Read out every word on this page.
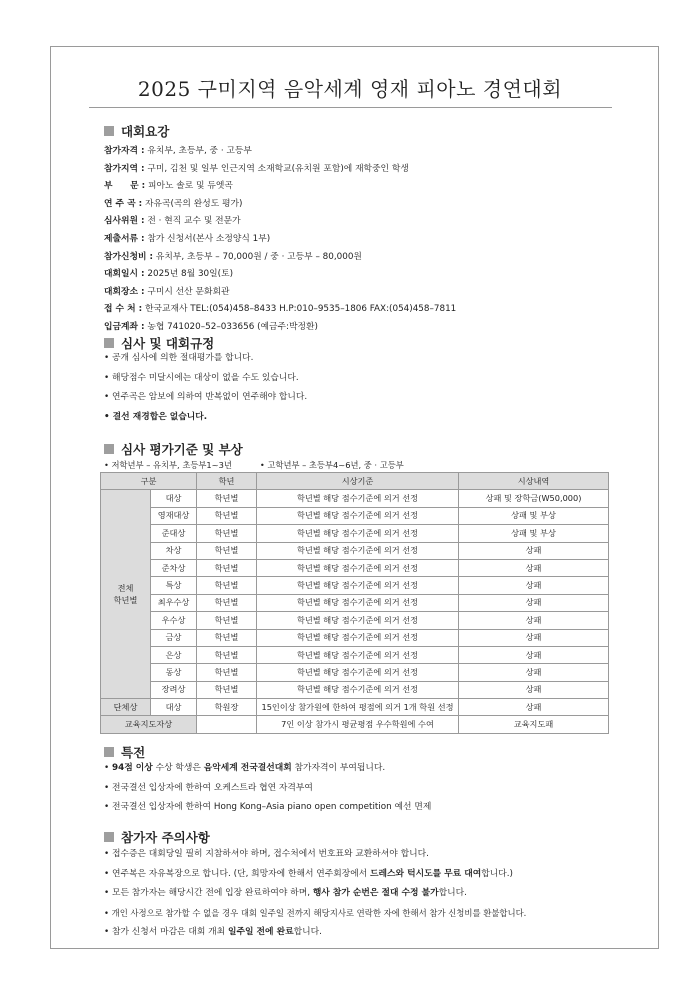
2025 구미지역 음악세계 영재 피아노 경연대회
대회요강
참가자격 : 유치부, 초등부, 중 · 고등부
참가지역 : 구미, 김천 및 일부 인근지역 소재학교(유치원 포함)에 재학중인 학생
부　　문 : 피아노 솔로 및 듀엣곡
연 주 곡 : 자유곡(곡의 완성도 평가)
심사위원 : 전 · 현직 교수 및 전문가
제출서류 : 참가 신청서(본사 소정양식 1부)
참가신청비 : 유치부, 초등부 – 70,000원 / 중 · 고등부 – 80,000원
대회일시 : 2025년 8월 30일(토)
대회장소 : 구미시 선산 문화회관
접 수 처 : 한국교재사 TEL:(054)458–8433 H.P:010–9535–1806 FAX:(054)458–7811
입금계좌 : 농협 741020–52–033656 (예금주:박정환)
심사 및 대회규정
• 공개 심사에 의한 절대평가를 합니다.
• 해당점수 미달시에는 대상이 없을 수도 있습니다.
• 연주곡은 암보에 의하여 반복없이 연주해야 합니다.
• 결선 재경합은 없습니다.
심사 평가기준 및 부상
• 저학년부 – 유치부, 초등부1~3년	• 고학년부 – 초등부4~6년, 중 · 고등부
구분		학년	시상기준	시상내역
전체
학년별	대상	학년별	학년별 해당 점수기준에 의거 선정	상패 및 장학금(W50,000)
	영재대상	학년별	학년별 해당 점수기준에 의거 선정	상패 및 부상
	준대상	학년별	학년별 해당 점수기준에 의거 선정	상패 및 부상
	차상	학년별	학년별 해당 점수기준에 의거 선정	상패
	준차상	학년별	학년별 해당 점수기준에 의거 선정	상패
	특상	학년별	학년별 해당 점수기준에 의거 선정	상패
	최우수상	학년별	학년별 해당 점수기준에 의거 선정	상패
	우수상	학년별	학년별 해당 점수기준에 의거 선정	상패
	금상	학년별	학년별 해당 점수기준에 의거 선정	상패
	은상	학년별	학년별 해당 점수기준에 의거 선정	상패
	동상	학년별	학년별 해당 점수기준에 의거 선정	상패
	장려상	학년별	학년별 해당 점수기준에 의거 선정	상패
단체상	대상	학원장	15인이상 참가원에 한하여 평점에 의거 1개 학원 선정	상패
교육지도자상			7인 이상 참가시 평균평점 우수학원에 수여	교육지도패
특전
• 94점 이상 수상 학생은 음악세계 전국결선대회 참가자격이 부여됩니다.
• 전국결선 입상자에 한하여 오케스트라 협연 자격부여
• 전국결선 입상자에 한하여 Hong Kong–Asia piano open competition 예선 면제
참가자 주의사항
• 접수증은 대회당일 필히 지참하셔야 하며, 접수처에서 번호표와 교환하셔야 합니다.
• 연주복은 자유복장으로 합니다. (단, 희망자에 한해서 연주회장에서 드레스와 턱시도를 무료 대여합니다.)
• 모든 참가자는 해당시간 전에 입장 완료하여야 하며, 행사 참가 순번은 절대 수정 불가합니다.
• 개인 사정으로 참가할 수 없을 경우 대회 일주일 전까지 해당지사로 연락한 자에 한해서 참가 신청비를 환불합니다.
• 참가 신청서 마감은 대회 개최 일주일 전에 완료합니다.
